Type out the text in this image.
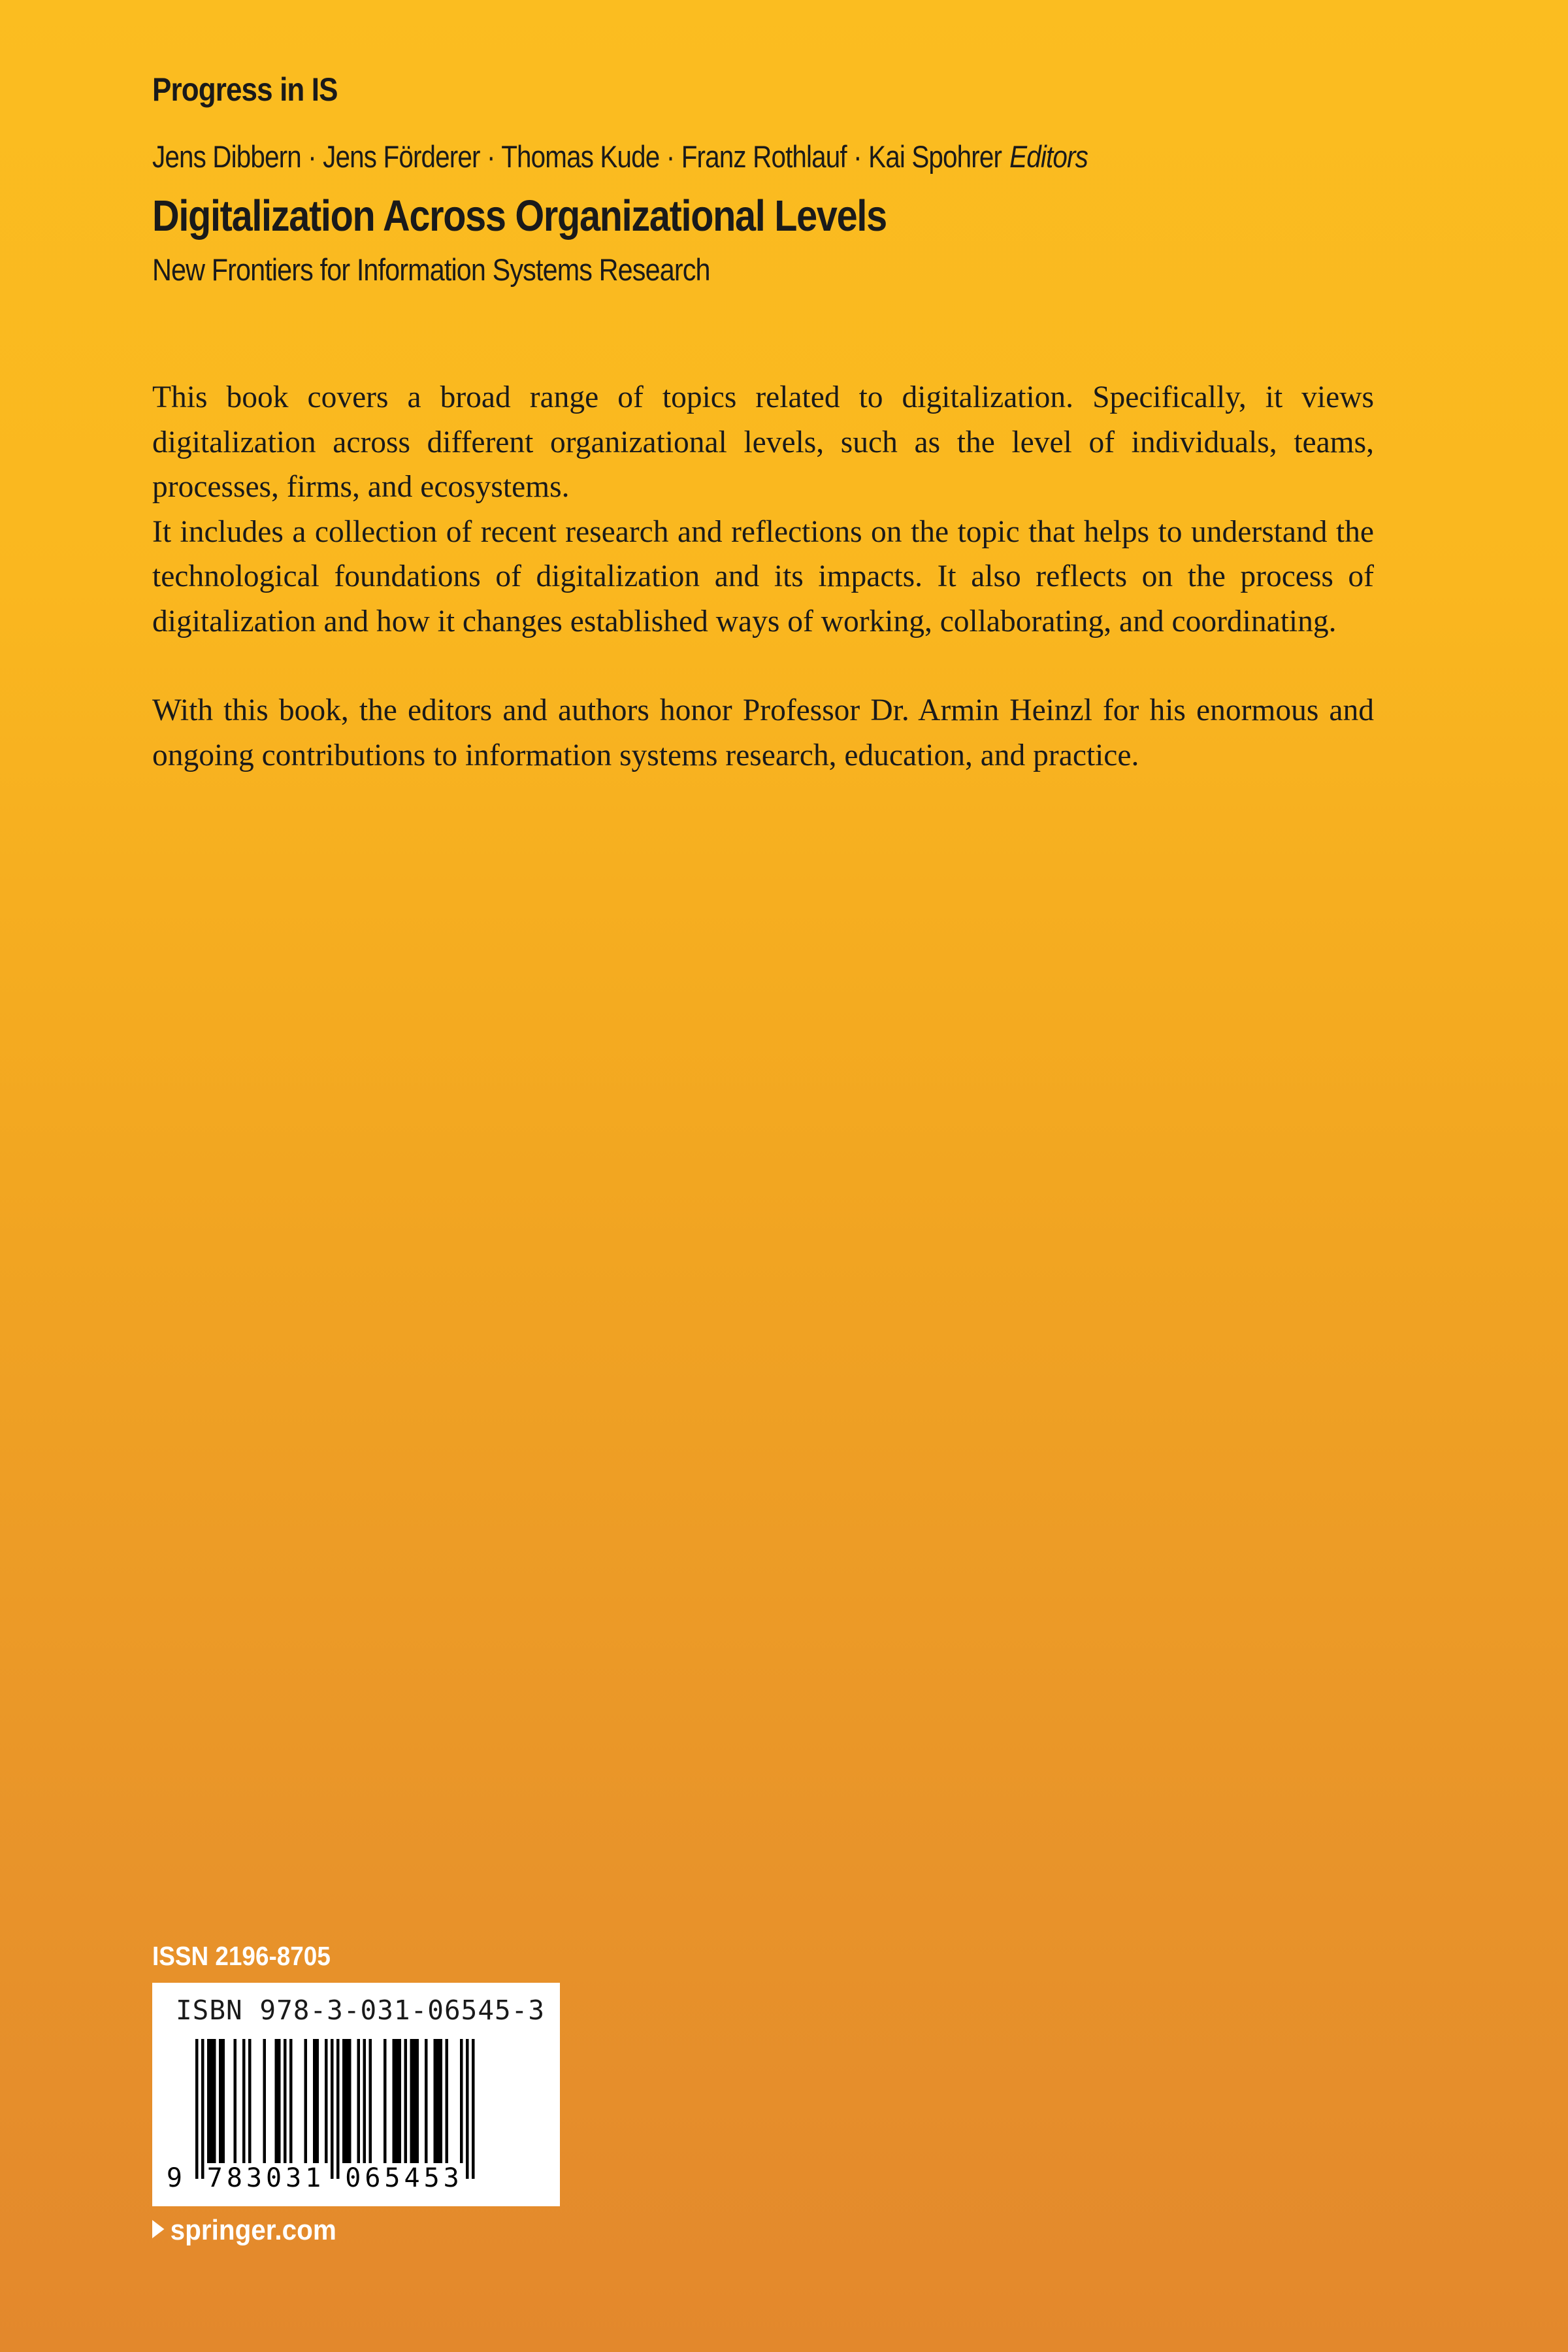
Progress in IS
Jens Dibbern · Jens Förderer · Thomas Kude · Franz Rothlauf · Kai Spohrer Editors
Digitalization Across Organizational Levels
New Frontiers for Information Systems Research

This book covers a broad range of topics related to digitalization. Specifically, it views digitalization across different organizational levels, such as the level of individuals, teams, processes, firms, and ecosystems.

It includes a collection of recent research and reflections on the topic that helps to understand the technological foundations of digitalization and its impacts. It also reflects on the process of digitalization and how it changes established ways of working, collaborating, and coordinating.

With this book, the editors and authors honor Professor Dr. Armin Heinzl for his enormous and ongoing contributions to information systems research, education, and practice.

ISSN 2196-8705
ISBN 978-3-031-06545-3
9 783031 065453
springer.com
